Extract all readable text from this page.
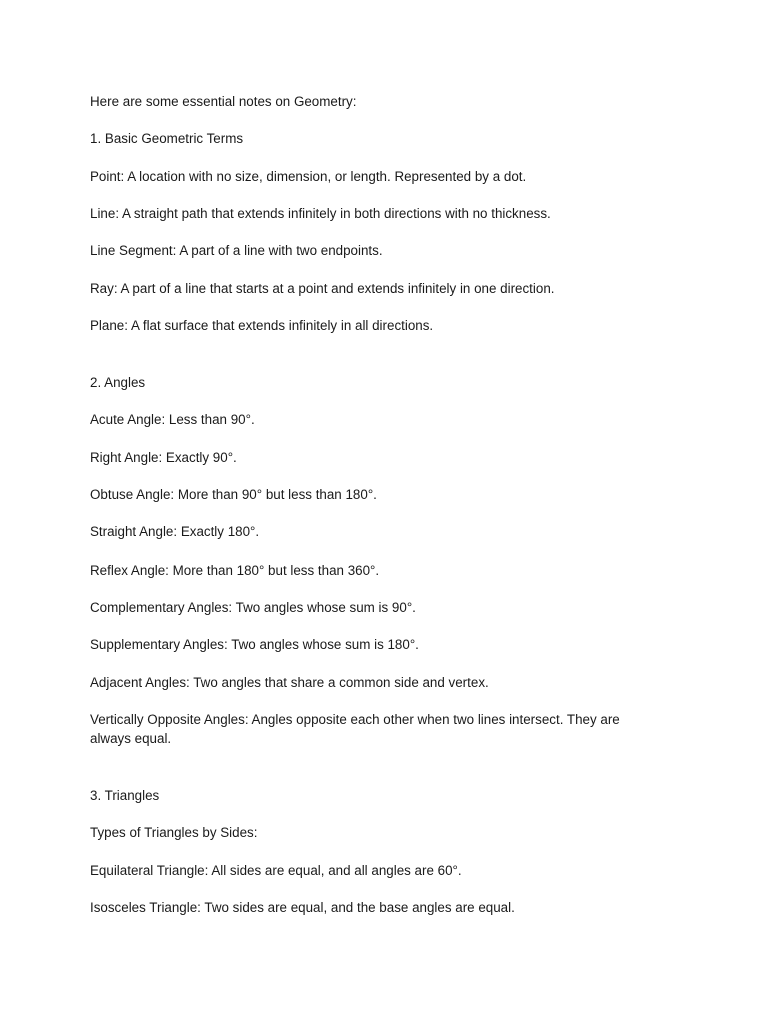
Here are some essential notes on Geometry:

1. Basic Geometric Terms

Point: A location with no size, dimension, or length. Represented by a dot.

Line: A straight path that extends infinitely in both directions with no thickness.

Line Segment: A part of a line with two endpoints.

Ray: A part of a line that starts at a point and extends infinitely in one direction.

Plane: A flat surface that extends infinitely in all directions.

2. Angles

Acute Angle: Less than 90°.

Right Angle: Exactly 90°.

Obtuse Angle: More than 90° but less than 180°.

Straight Angle: Exactly 180°.

Reflex Angle: More than 180° but less than 360°.

Complementary Angles: Two angles whose sum is 90°.

Supplementary Angles: Two angles whose sum is 180°.

Adjacent Angles: Two angles that share a common side and vertex.

Vertically Opposite Angles: Angles opposite each other when two lines intersect. They are always equal.

3. Triangles

Types of Triangles by Sides:

Equilateral Triangle: All sides are equal, and all angles are 60°.

Isosceles Triangle: Two sides are equal, and the base angles are equal.
